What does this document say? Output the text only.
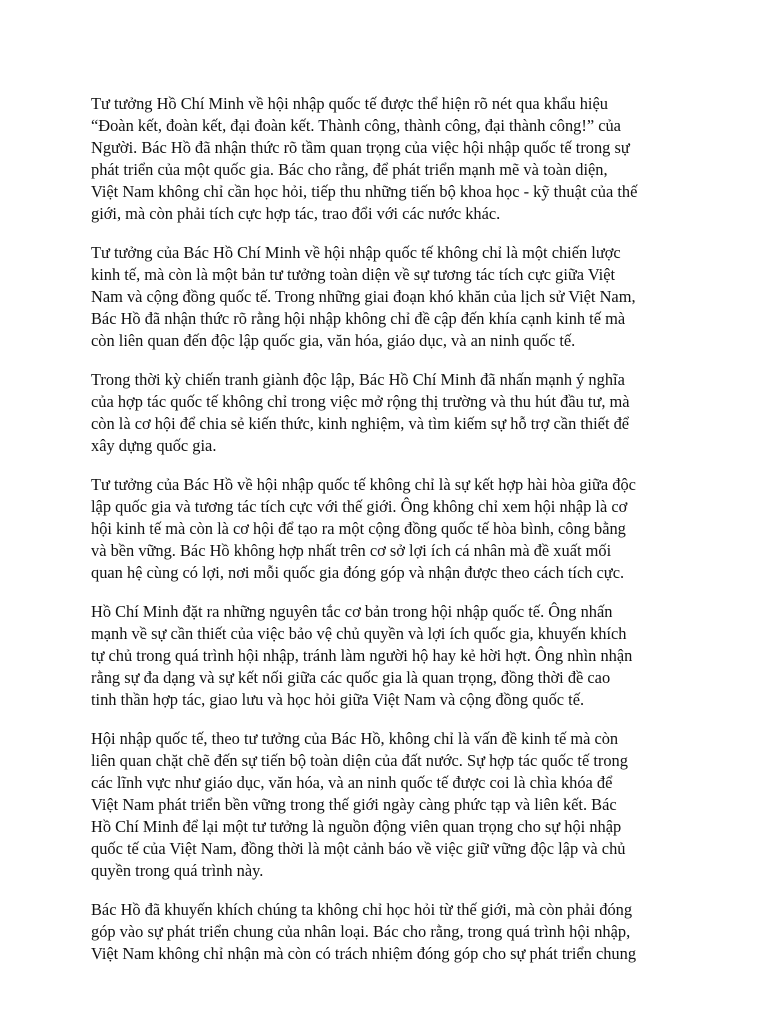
Tư tưởng Hồ Chí Minh về hội nhập quốc tế được thể hiện rõ nét qua khẩu hiệu
“Đoàn kết, đoàn kết, đại đoàn kết. Thành công, thành công, đại thành công!” của
Người. Bác Hồ đã nhận thức rõ tầm quan trọng của việc hội nhập quốc tế trong sự
phát triển của một quốc gia. Bác cho rằng, để phát triển mạnh mẽ và toàn diện,
Việt Nam không chỉ cần học hỏi, tiếp thu những tiến bộ khoa học - kỹ thuật của thế
giới, mà còn phải tích cực hợp tác, trao đổi với các nước khác.

Tư tưởng của Bác Hồ Chí Minh về hội nhập quốc tế không chỉ là một chiến lược
kinh tế, mà còn là một bản tư tưởng toàn diện về sự tương tác tích cực giữa Việt
Nam và cộng đồng quốc tế. Trong những giai đoạn khó khăn của lịch sử Việt Nam,
Bác Hồ đã nhận thức rõ rằng hội nhập không chỉ đề cập đến khía cạnh kinh tế mà
còn liên quan đến độc lập quốc gia, văn hóa, giáo dục, và an ninh quốc tế.

Trong thời kỳ chiến tranh giành độc lập, Bác Hồ Chí Minh đã nhấn mạnh ý nghĩa
của hợp tác quốc tế không chỉ trong việc mở rộng thị trường và thu hút đầu tư, mà
còn là cơ hội để chia sẻ kiến thức, kinh nghiệm, và tìm kiếm sự hỗ trợ cần thiết để
xây dựng quốc gia.

Tư tưởng của Bác Hồ về hội nhập quốc tế không chỉ là sự kết hợp hài hòa giữa độc
lập quốc gia và tương tác tích cực với thế giới. Ông không chỉ xem hội nhập là cơ
hội kinh tế mà còn là cơ hội để tạo ra một cộng đồng quốc tế hòa bình, công bằng
và bền vững. Bác Hồ không hợp nhất trên cơ sở lợi ích cá nhân mà đề xuất mối
quan hệ cùng có lợi, nơi mỗi quốc gia đóng góp và nhận được theo cách tích cực.

Hồ Chí Minh đặt ra những nguyên tắc cơ bản trong hội nhập quốc tế. Ông nhấn
mạnh về sự cần thiết của việc bảo vệ chủ quyền và lợi ích quốc gia, khuyến khích
tự chủ trong quá trình hội nhập, tránh làm người hộ hay kẻ hời hợt. Ông nhìn nhận
rằng sự đa dạng và sự kết nối giữa các quốc gia là quan trọng, đồng thời đề cao
tinh thần hợp tác, giao lưu và học hỏi giữa Việt Nam và cộng đồng quốc tế.

Hội nhập quốc tế, theo tư tưởng của Bác Hồ, không chỉ là vấn đề kinh tế mà còn
liên quan chặt chẽ đến sự tiến bộ toàn diện của đất nước. Sự hợp tác quốc tế trong
các lĩnh vực như giáo dục, văn hóa, và an ninh quốc tế được coi là chìa khóa để
Việt Nam phát triển bền vững trong thế giới ngày càng phức tạp và liên kết. Bác
Hồ Chí Minh để lại một tư tưởng là nguồn động viên quan trọng cho sự hội nhập
quốc tế của Việt Nam, đồng thời là một cảnh báo về việc giữ vững độc lập và chủ
quyền trong quá trình này.

Bác Hồ đã khuyến khích chúng ta không chỉ học hỏi từ thế giới, mà còn phải đóng
góp vào sự phát triển chung của nhân loại. Bác cho rằng, trong quá trình hội nhập,
Việt Nam không chỉ nhận mà còn có trách nhiệm đóng góp cho sự phát triển chung
